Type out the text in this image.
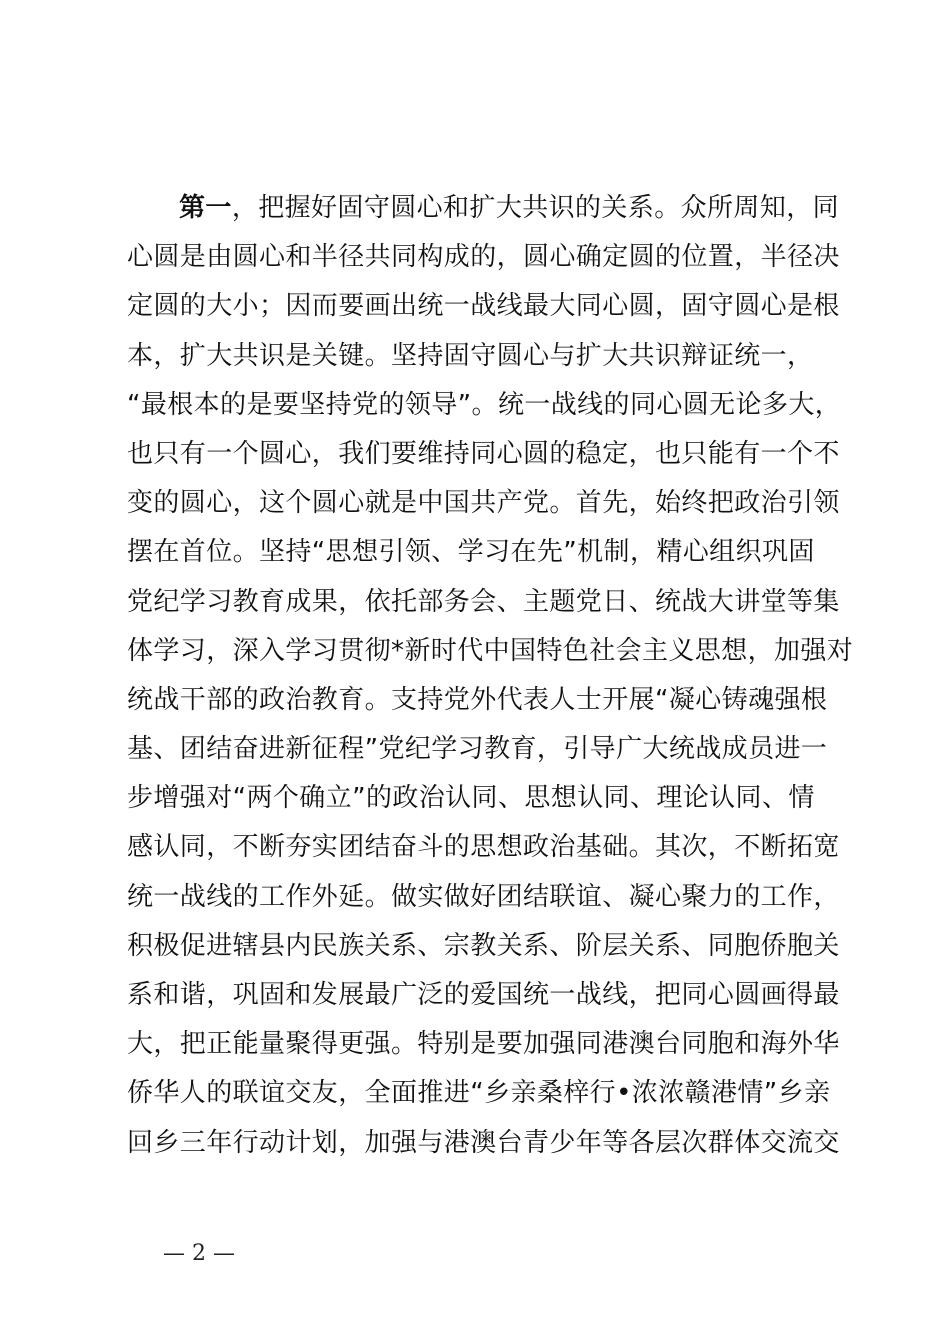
第一，把握好固守圆心和扩大共识的关系。众所周知，同
心圆是由圆心和半径共同构成的，圆心确定圆的位置，半径决
定圆的大小；因而要画出统一战线最大同心圆，固守圆心是根
本，扩大共识是关键。坚持固守圆心与扩大共识辩证统一，
“最根本的是要坚持党的领导”。统一战线的同心圆无论多大，
也只有一个圆心，我们要维持同心圆的稳定，也只能有一个不
变的圆心，这个圆心就是中国共产党。首先，始终把政治引领
摆在首位。坚持“思想引领、学习在先”机制，精心组织巩固
党纪学习教育成果，依托部务会、主题党日、统战大讲堂等集
体学习，深入学习贯彻*新时代中国特色社会主义思想，加强对
统战干部的政治教育。支持党外代表人士开展“凝心铸魂强根
基、团结奋进新征程”党纪学习教育，引导广大统战成员进一
步增强对“两个确立”的政治认同、思想认同、理论认同、情
感认同，不断夯实团结奋斗的思想政治基础。其次，不断拓宽
统一战线的工作外延。做实做好团结联谊、凝心聚力的工作，
积极促进辖县内民族关系、宗教关系、阶层关系、同胞侨胞关
系和谐，巩固和发展最广泛的爱国统一战线，把同心圆画得最
大，把正能量聚得更强。特别是要加强同港澳台同胞和海外华
侨华人的联谊交友，全面推进“乡亲桑梓行•浓浓赣港情”乡亲
回乡三年行动计划，加强与港澳台青少年等各层次群体交流交
— 2 —
